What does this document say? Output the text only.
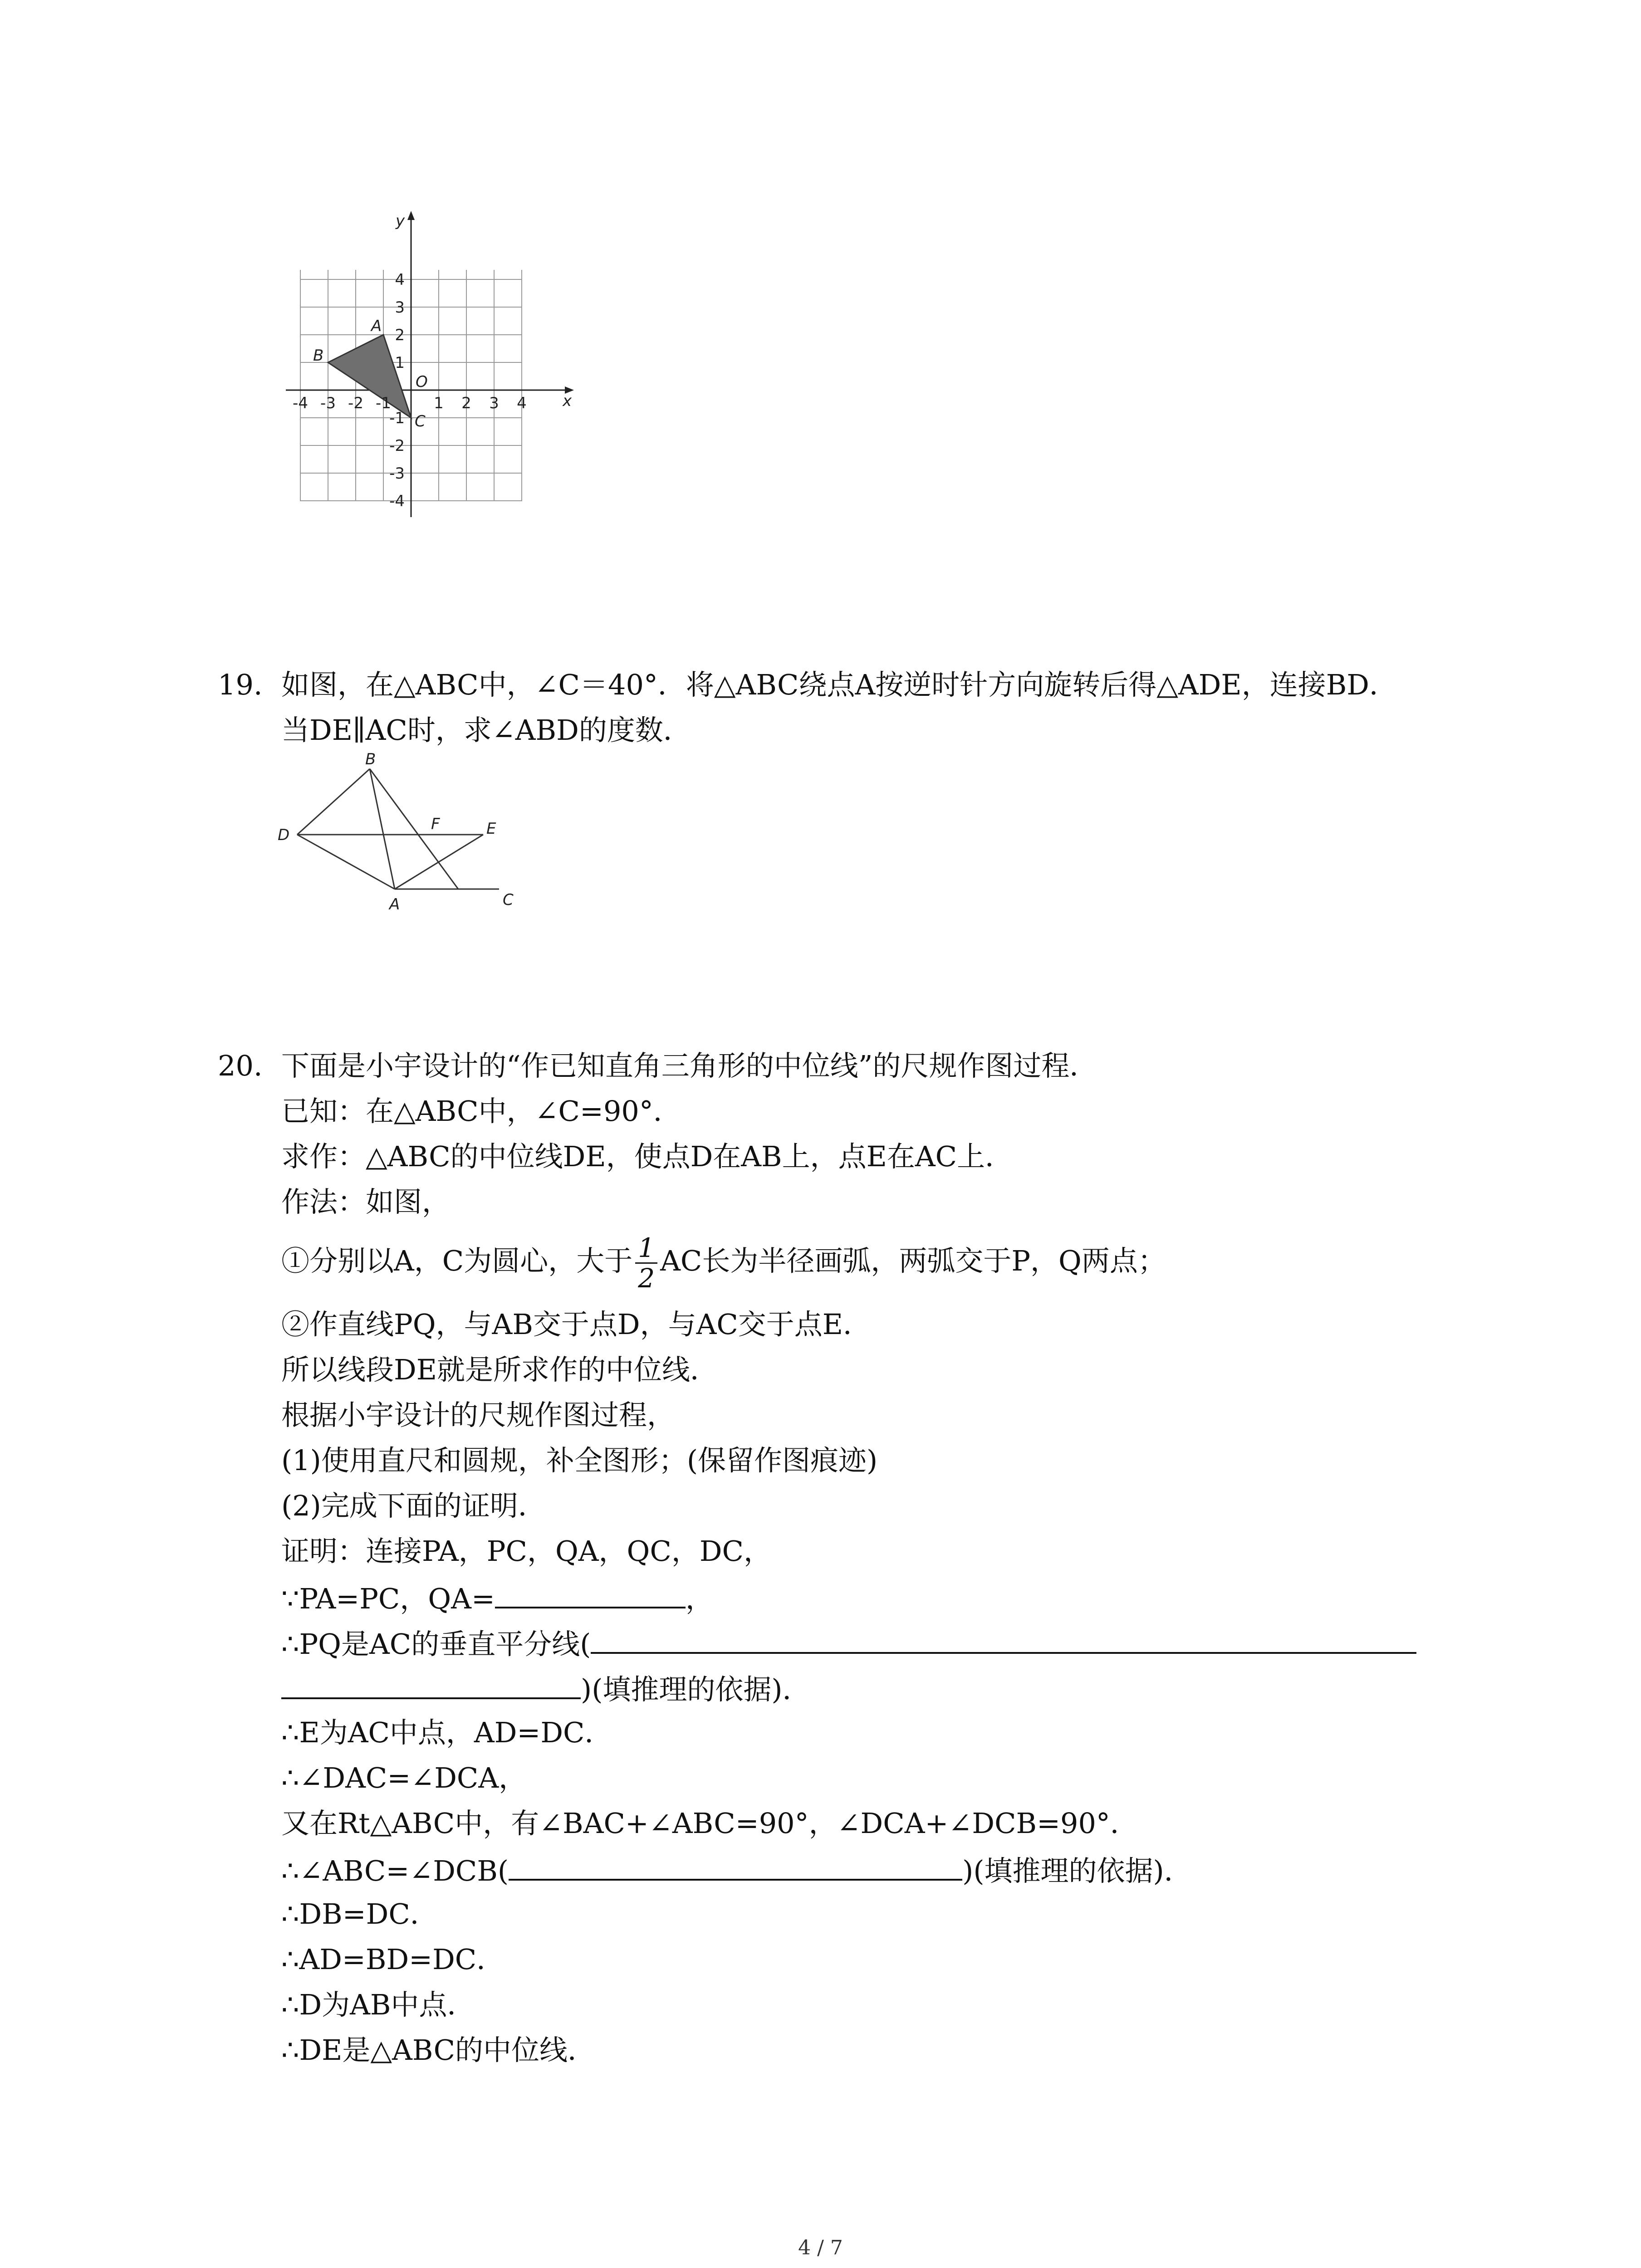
y
x
O
A
B
C
-4 -3 -2 -1	1 2 3 4
4
3
2
1
-1
-2
-3
-4
19. 如图，在△ABC中，∠C＝40°．将△ABC绕点A按逆时针方向旋转后得△ADE，连接BD．
当DE∥AC时，求∠ABD的度数．
B
D
F	E
A	C
20. 下面是小宇设计的“作已知直角三角形的中位线”的尺规作图过程．
已知：在△ABC中，∠C=90°．
求作：△ABC的中位线DE，使点D在AB上，点E在AC上．
作法：如图，
①分别以A，C为圆心，大于 $\frac{1}{2}$ AC长为半径画弧，两弧交于P，Q两点；
②作直线PQ，与AB交于点D，与AC交于点E．
所以线段DE就是所求作的中位线．
根据小宇设计的尺规作图过程，
(1)使用直尺和圆规，补全图形；(保留作图痕迹)
(2)完成下面的证明．
证明：连接PA，PC，QA，QC，DC，
∵PA=PC，QA=	，
∴PQ是AC的垂直平分线(
)(填推理的依据)．
∴E为AC中点，AD=DC．
∴∠DAC=∠DCA，
又在Rt△ABC中，有∠BAC+∠ABC=90°，∠DCA+∠DCB=90°．
∴∠ABC=∠DCB(	)(填推理的依据)．
∴DB=DC．
∴AD=BD=DC．
∴D为AB中点．
∴DE是△ABC的中位线．
4 / 7
